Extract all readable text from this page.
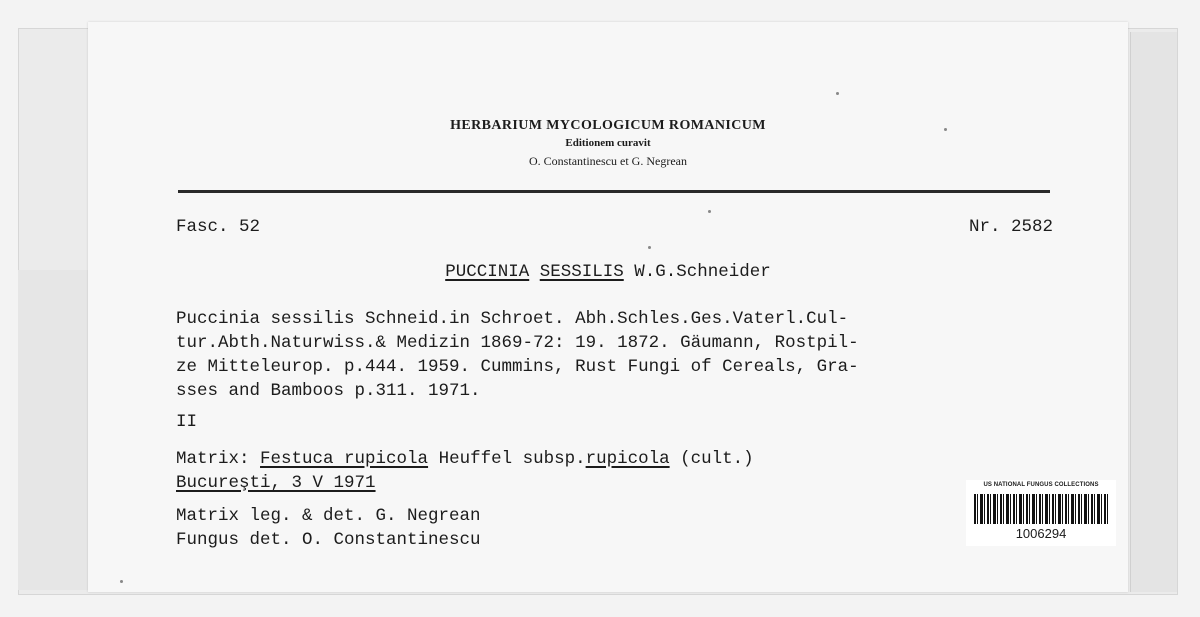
HERBARIUM MYCOLOGICUM ROMANICUM
Editionem curavit
O. Constantinescu et G. Negrean
Fasc. 52	Nr. 2582
PUCCINIA SESSILIS W.G.Schneider
Puccinia sessilis Schneid.in Schroet. Abh.Schles.Ges.Vaterl.Cul-
tur.Abth.Naturwiss.& Medizin 1869-72: 19. 1872. Gäumann, Rostpil-
ze Mitteleurop. p.444. 1959. Cummins, Rust Fungi of Cereals, Gra-
sses and Bamboos p.311. 1971.
II
Matrix: Festuca rupicola Heuffel subsp.rupicola (cult.)
Bucureşti, 3 V 1971
Matrix leg. & det. G. Negrean
Fungus det. O. Constantinescu
US NATIONAL FUNGUS COLLECTIONS
1006294
